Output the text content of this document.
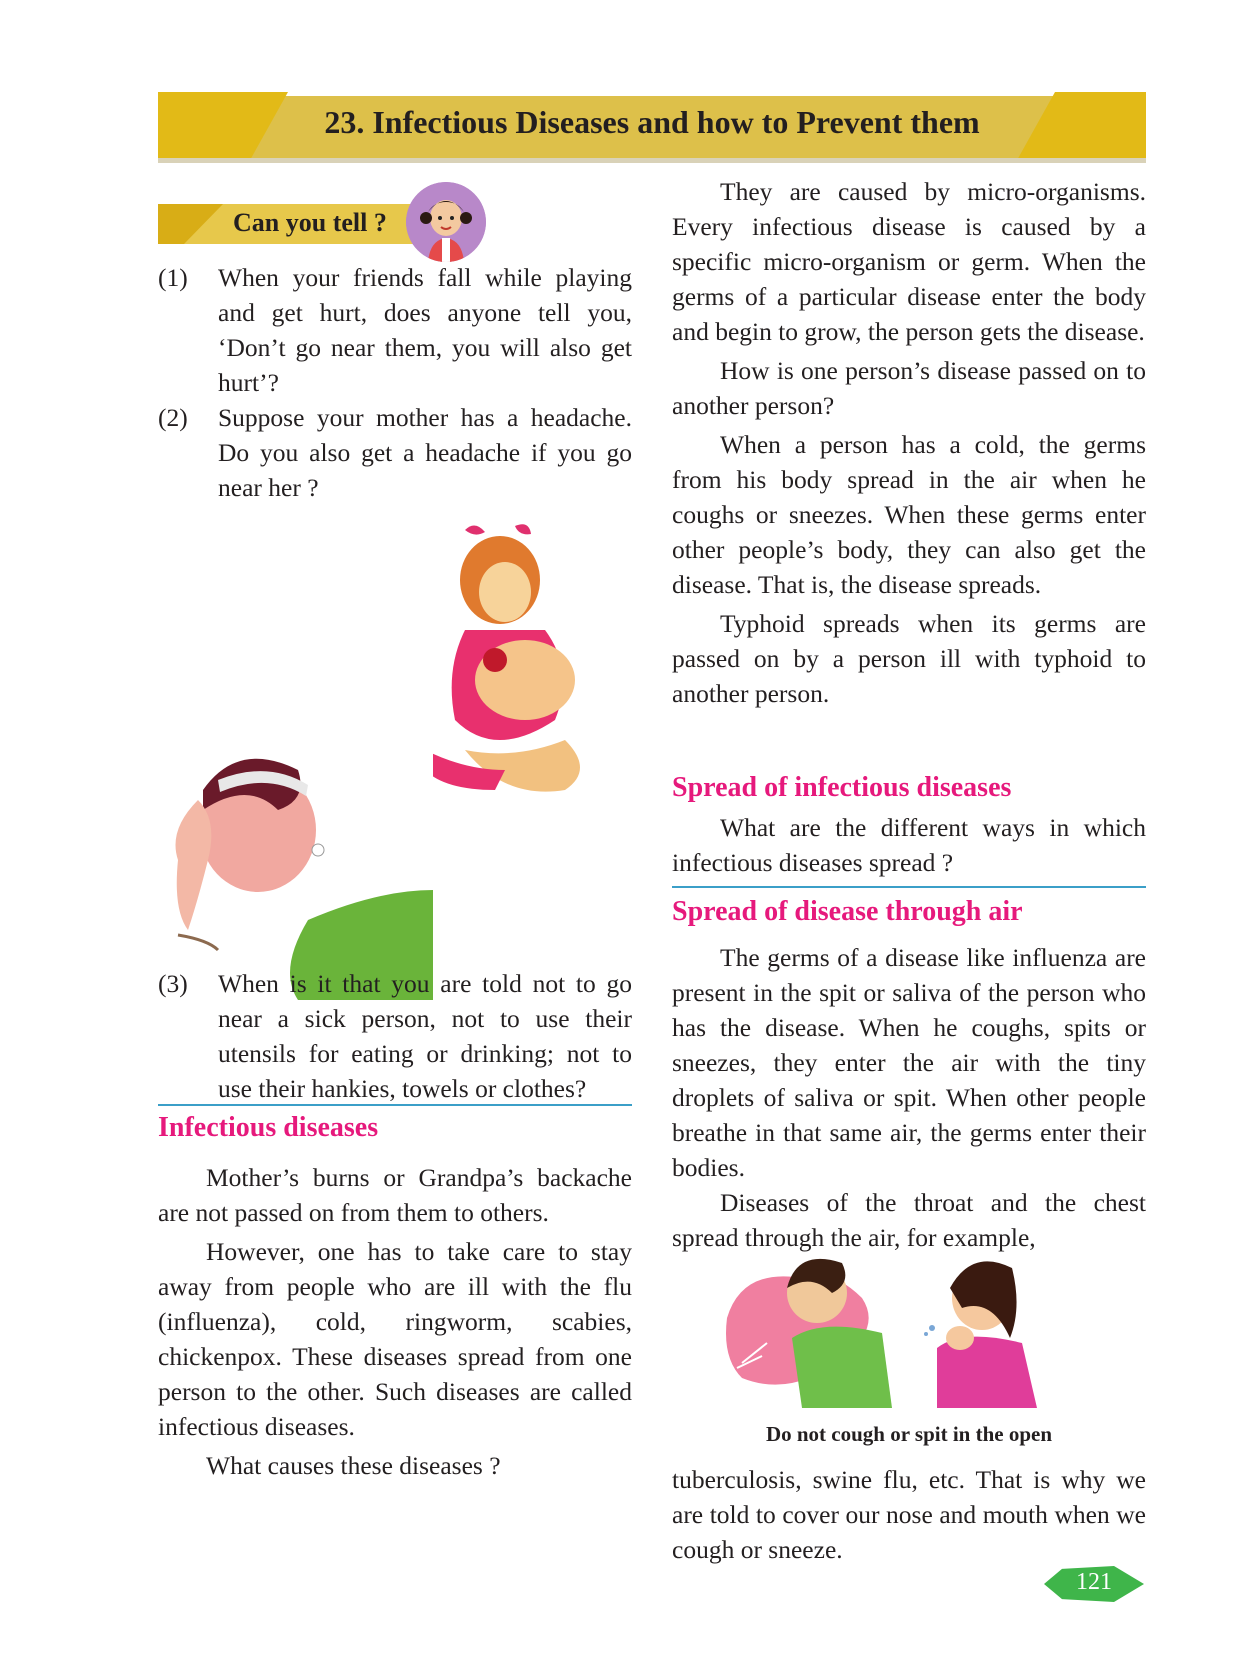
23. Infectious Diseases and how to Prevent them
Can you tell ?
(1)	When your friends fall while playing and get hurt, does anyone tell you, ‘Don’t go near them, you will also get hurt’?
(2)	Suppose your mother has a headache. Do you also get a headache if you go near her ?
(3)	When is it that you are told not to go near a sick person, not to use their utensils for eating or drinking; not to use their hankies, towels or clothes?
Infectious diseases

Mother’s burns or Grandpa’s backache are not passed on from them to others.

However, one has to take care to stay away from people who are ill with the flu (influenza), cold, ringworm, scabies, chickenpox. These diseases spread from one person to the other. Such diseases are called infectious diseases.

What causes these diseases ?

They are caused by micro-organisms. Every infectious disease is caused by a specific micro-organism or germ. When the germs of a particular disease enter the body and begin to grow, the person gets the disease.

How is one person’s disease passed on to another person?

When a person has a cold, the germs from his body spread in the air when he coughs or sneezes. When these germs enter other people’s body, they can also get the disease. That is, the disease spreads.

Typhoid spreads when its germs are passed on by a person ill with typhoid to another person.

Spread of infectious diseases

What are the different ways in which infectious diseases spread ?

Spread of disease through air

The germs of a disease like influenza are present in the spit or saliva of the person who has the disease. When he coughs, spits or sneezes, they enter the air with the tiny droplets of saliva or spit. When other people breathe in that same air, the germs enter their bodies.

Diseases of the throat and the chest spread through the air, for example,

Do not cough or spit in the open

tuberculosis, swine flu, etc. That is why we are told to cover our nose and mouth when we cough or sneeze.

121
